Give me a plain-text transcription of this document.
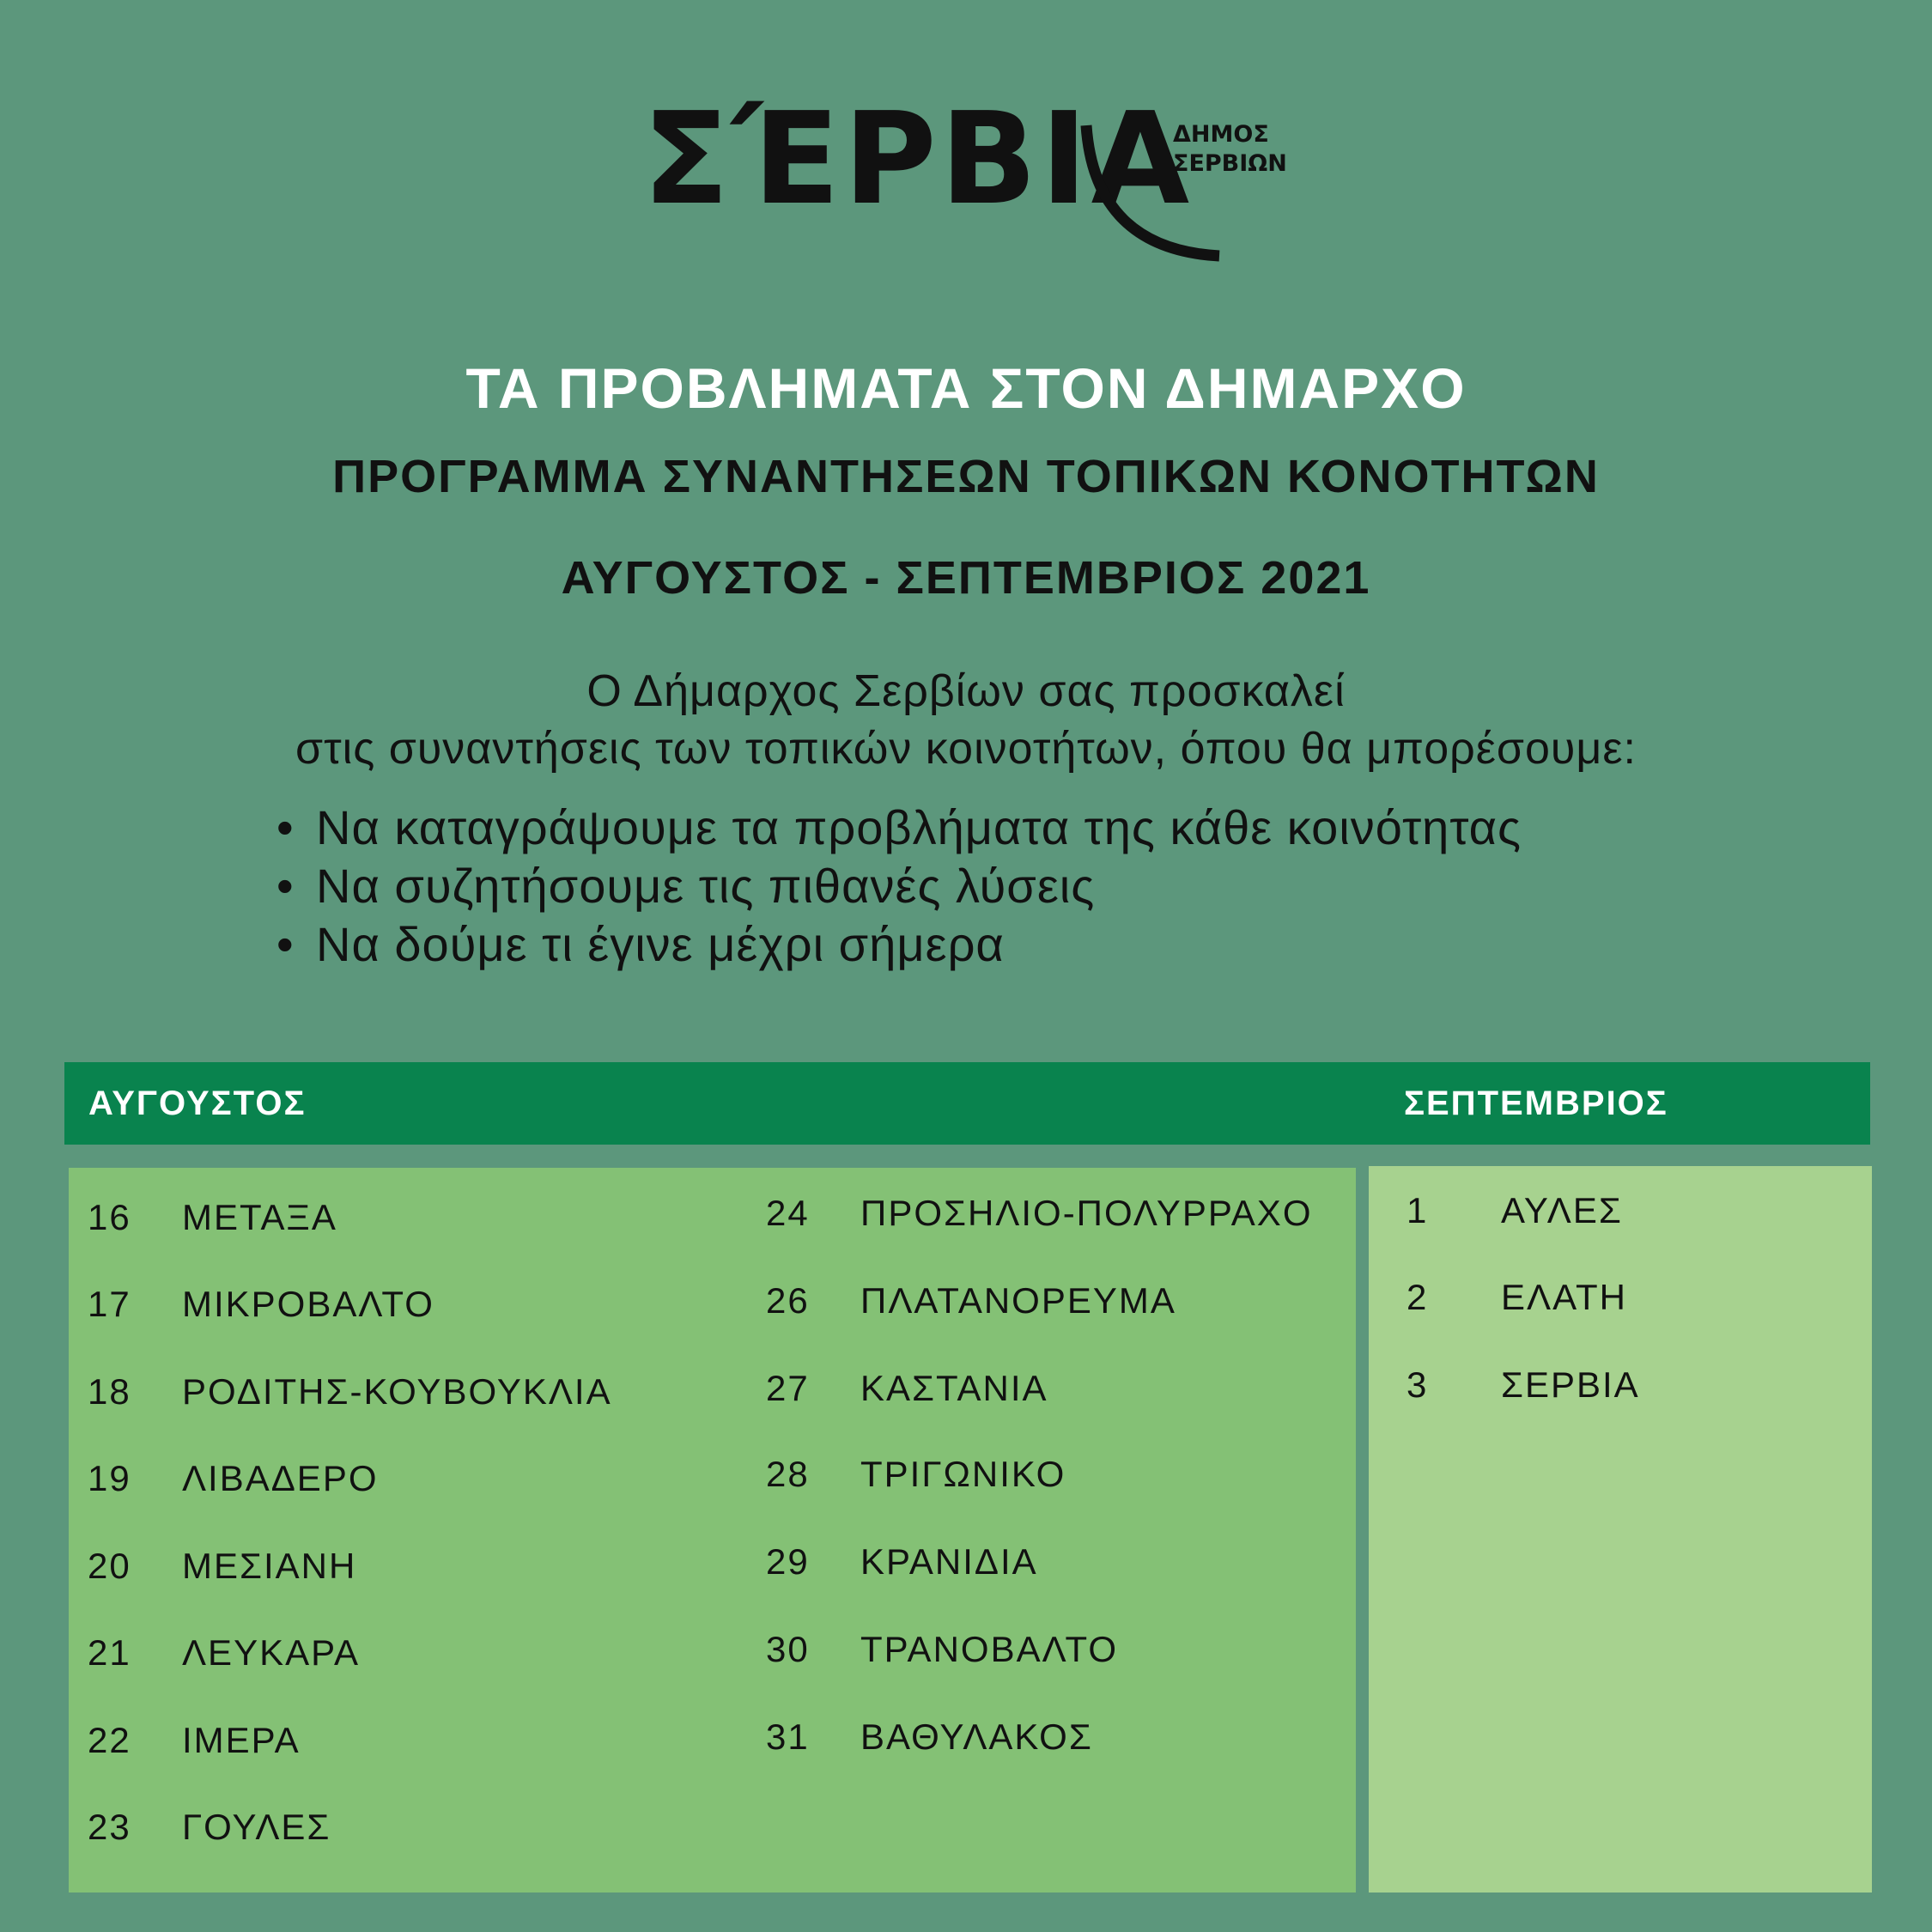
ΣΈΡΒΙΑ
ΔΗΜΟΣ
ΣΕΡΒΙΩΝ
ΤΑ ΠΡΟΒΛΗΜΑΤΑ ΣΤΟΝ ΔΗΜΑΡΧΟ
ΠΡΟΓΡΑΜΜΑ ΣΥΝΑΝΤΗΣΕΩΝ ΤΟΠΙΚΩΝ ΚΟΝΟΤΗΤΩΝ
ΑΥΓΟΥΣΤΟΣ - ΣΕΠΤΕΜΒΡΙΟΣ 2021
Ο Δήμαρχος Σερβίων σας προσκαλεί
στις συναντήσεις των τοπικών κοινοτήτων, όπου θα μπορέσουμε:
• Να καταγράψουμε τα προβλήματα της κάθε κοινότητας
• Να συζητήσουμε τις πιθανές λύσεις
• Να δούμε τι έγινε μέχρι σήμερα
ΑΥΓΟΥΣΤΟΣ	ΣΕΠΤΕΜΒΡΙΟΣ
16 ΜΕΤΑΞΑ
17 ΜΙΚΡΟΒΑΛΤΟ
18 ΡΟΔΙΤΗΣ-ΚΟΥΒΟΥΚΛΙΑ
19 ΛΙΒΑΔΕΡΟ
20 ΜΕΣΙΑΝΗ
21 ΛΕΥΚΑΡΑ
22 ΙΜΕΡΑ
23 ΓΟΥΛΕΣ
24 ΠΡΟΣΗΛΙΟ-ΠΟΛΥΡΡΑΧΟ
26 ΠΛΑΤΑΝΟΡΕΥΜΑ
27 ΚΑΣΤΑΝΙΑ
28 ΤΡΙΓΩΝΙΚΟ
29 ΚΡΑΝΙΔΙΑ
30 ΤΡΑΝΟΒΑΛΤΟ
31 ΒΑΘΥΛΑΚΟΣ
1 ΑΥΛΕΣ
2 ΕΛΑΤΗ
3 ΣΕΡΒΙΑ
